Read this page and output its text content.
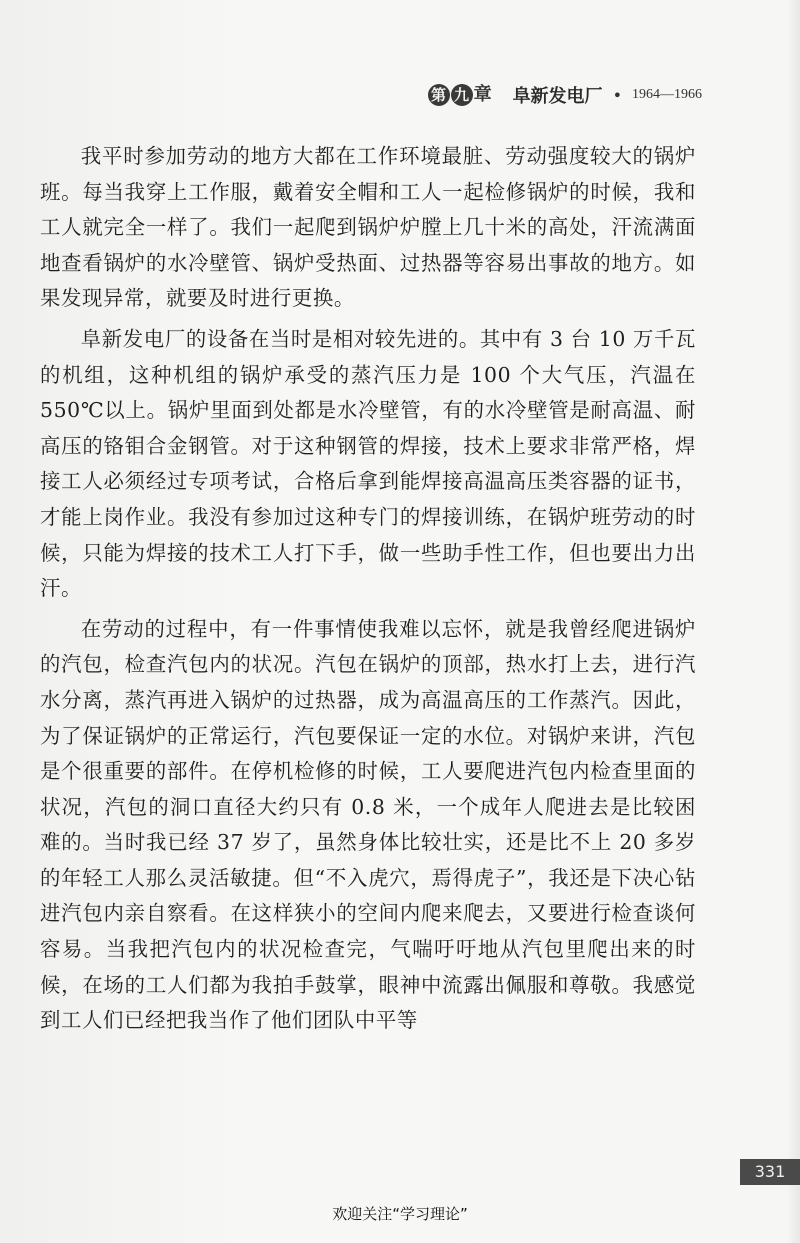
第 九 章 阜新发电厂 • 1964—1966

我平时参加劳动的地方大都在工作环境最脏、劳动强度较大的锅炉班。每当我穿上工作服，戴着安全帽和工人一起检修锅炉的时候，我和工人就完全一样了。我们一起爬到锅炉炉膛上几十米的高处，汗流满面地查看锅炉的水冷壁管、锅炉受热面、过热器等容易出事故的地方。如果发现异常，就要及时进行更换。

阜新发电厂的设备在当时是相对较先进的。其中有 3 台 10 万千瓦的机组，这种机组的锅炉承受的蒸汽压力是 100 个大气压，汽温在 550℃以上。锅炉里面到处都是水冷壁管，有的水冷壁管是耐高温、耐高压的铬钼合金钢管。对于这种钢管的焊接，技术上要求非常严格，焊接工人必须经过专项考试，合格后拿到能焊接高温高压类容器的证书，才能上岗作业。我没有参加过这种专门的焊接训练，在锅炉班劳动的时候，只能为焊接的技术工人打下手，做一些助手性工作，但也要出力出汗。

在劳动的过程中，有一件事情使我难以忘怀，就是我曾经爬进锅炉的汽包，检查汽包内的状况。汽包在锅炉的顶部，热水打上去，进行汽水分离，蒸汽再进入锅炉的过热器，成为高温高压的工作蒸汽。因此，为了保证锅炉的正常运行，汽包要保证一定的水位。对锅炉来讲，汽包是个很重要的部件。在停机检修的时候，工人要爬进汽包内检查里面的状况，汽包的洞口直径大约只有 0.8 米，一个成年人爬进去是比较困难的。当时我已经 37 岁了，虽然身体比较壮实，还是比不上 20 多岁的年轻工人那么灵活敏捷。但“不入虎穴，焉得虎子”，我还是下决心钻进汽包内亲自察看。在这样狭小的空间内爬来爬去，又要进行检查谈何容易。当我把汽包内的状况检查完，气喘吁吁地从汽包里爬出来的时候，在场的工人们都为我拍手鼓掌，眼神中流露出佩服和尊敬。我感觉到工人们已经把我当作了他们团队中平等

331
欢迎关注“学习理论”
